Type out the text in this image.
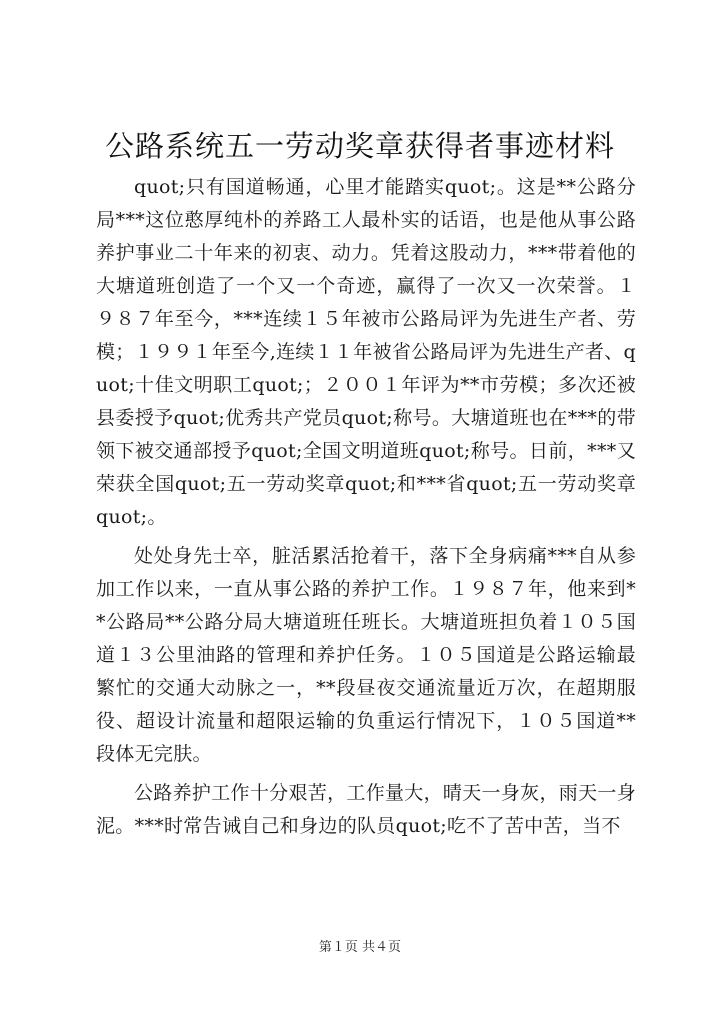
公路系统五一劳动奖章获得者事迹材料

quot;只有国道畅通，心里才能踏实quot;。这是**公路分局***这位憨厚纯朴的养路工人最朴实的话语，也是他从事公路养护事业二十年来的初衷、动力。凭着这股动力，***带着他的大塘道班创造了一个又一个奇迹，赢得了一次又一次荣誉。１９８７年至今，***连续１５年被市公路局评为先进生产者、劳模；１９９１年至今,连续１１年被省公路局评为先进生产者、quot;十佳文明职工quot;；２００１年评为**市劳模；多次还被县委授予quot;优秀共产党员quot;称号。大塘道班也在***的带领下被交通部授予quot;全国文明道班quot;称号。日前，***又荣获全国quot;五一劳动奖章quot;和***省quot;五一劳动奖章quot;。

处处身先士卒，脏活累活抢着干，落下全身病痛***自从参加工作以来，一直从事公路的养护工作。１９８７年，他来到**公路局**公路分局大塘道班任班长。大塘道班担负着１０５国道１３公里油路的管理和养护任务。１０５国道是公路运输最繁忙的交通大动脉之一，**段昼夜交通流量近万次，在超期服役、超设计流量和超限运输的负重运行情况下，１０５国道**段体无完肤。

公路养护工作十分艰苦，工作量大，晴天一身灰，雨天一身泥。***时常告诫自己和身边的队员quot;吃不了苦中苦，当不

第１页 共４页
